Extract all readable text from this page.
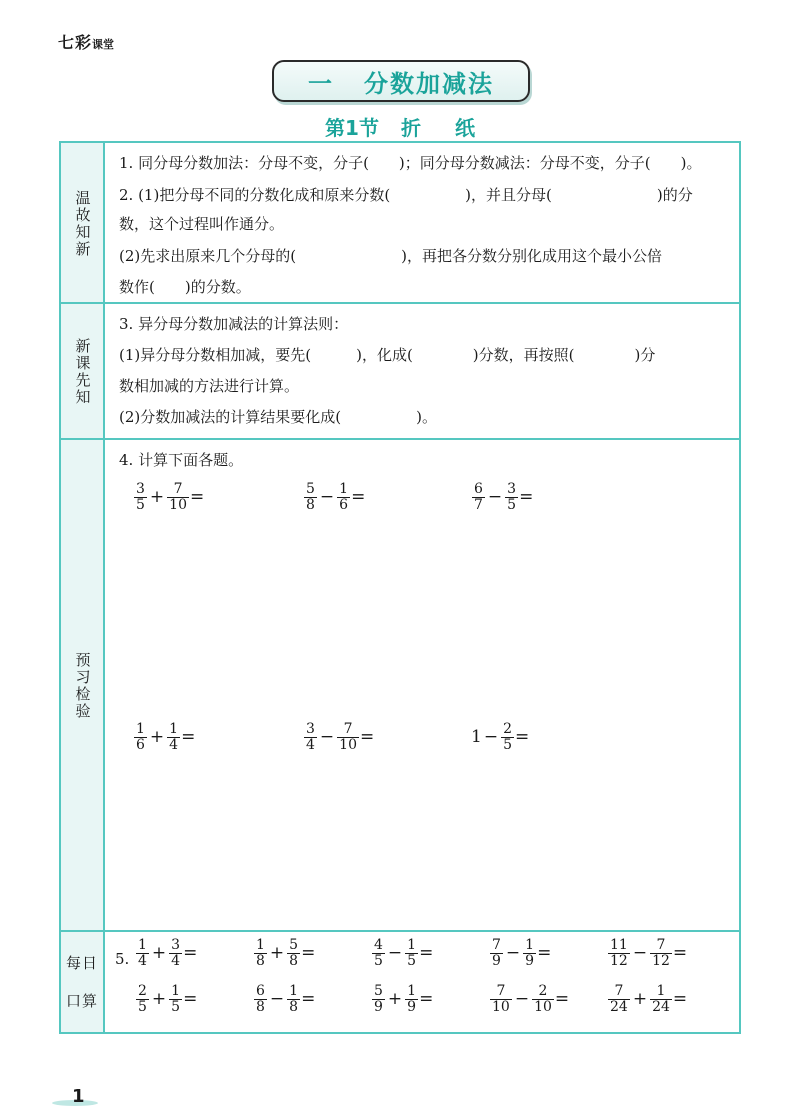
七彩课堂
一 分数加减法
第1节 折 纸
温故知新
1. 同分母分数加法：分母不变，分子(　　)；同分母分数减法：分母不变，分子(　　)。
2. (1)把分母不同的分数化成和原来分数(　　　　　)，并且分母(　　　　　　　)的分
数，这个过程叫作通分。
(2)先求出原来几个分母的(　　　　　　　)，再把各分数分别化成用这个最小公倍
数作(　　)的分数。
新课先知
3. 异分母分数加减法的计算法则：
(1)异分母分数相加减，要先(　　　)，化成(　　　　)分数，再按照(　　　　)分
数相加减的方法进行计算。
(2)分数加减法的计算结果要化成(　　　　　)。
预习检验
4. 计算下面各题。
$\frac{3}{5} + \frac{7}{10}$ =	$\frac{5}{8} - \frac{1}{6}$ =	$\frac{6}{7} - \frac{3}{5}$ =
$\frac{1}{6} + \frac{1}{4}$ =	$\frac{3}{4} - \frac{7}{10}$ =	$1 - \frac{2}{5}$ =
每日
口算
5. $\frac{1}{4} + \frac{3}{4}$ =	$\frac{1}{8} + \frac{5}{8}$ =	$\frac{4}{5} - \frac{1}{5}$ =	$\frac{7}{9} - \frac{1}{9}$ =	$\frac{11}{12} - \frac{7}{12}$ =
$\frac{2}{5} + \frac{1}{5}$ =	$\frac{6}{8} - \frac{1}{8}$ =	$\frac{5}{9} + \frac{1}{9}$ =	$\frac{7}{10} - \frac{2}{10}$ =	$\frac{7}{24} + \frac{1}{24}$ =
1
